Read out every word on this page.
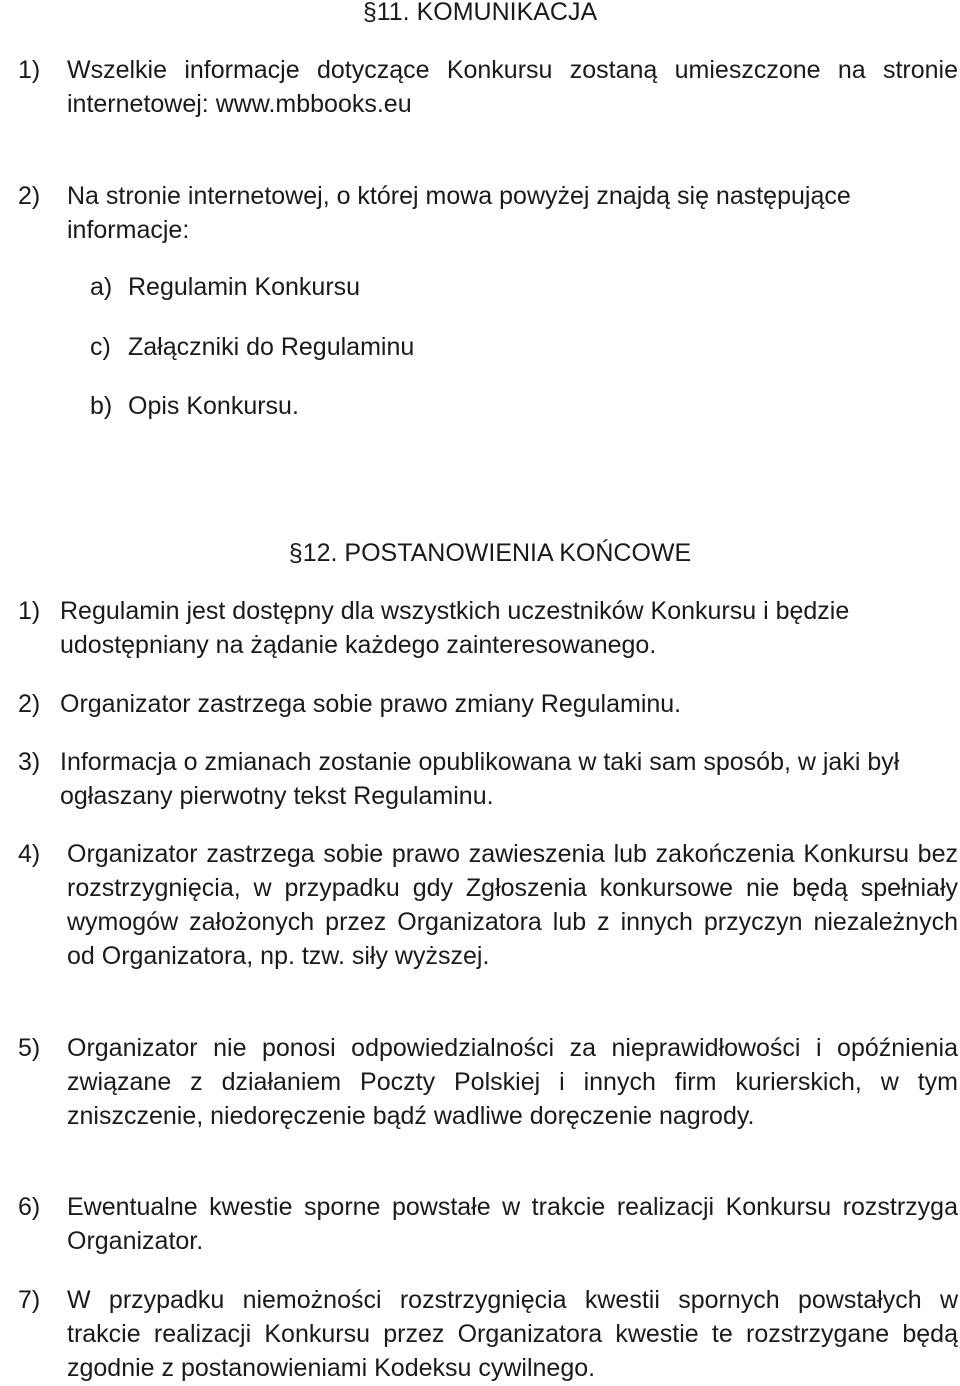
§11. KOMUNIKACJA
1) Wszelkie informacje dotyczące Konkursu zostaną umieszczone na stronie internetowej: www.mbbooks.eu
2) Na stronie internetowej, o której mowa powyżej znajdą się następujące informacje:
a) Regulamin Konkursu
c) Załączniki do Regulaminu
b) Opis Konkursu.
§12. POSTANOWIENIA KOŃCOWE
1) Regulamin jest dostępny dla wszystkich uczestników Konkursu i będzie udostępniany na żądanie każdego zainteresowanego.
2) Organizator zastrzega sobie prawo zmiany Regulaminu.
3) Informacja o zmianach zostanie opublikowana w taki sam sposób, w jaki był ogłaszany pierwotny tekst Regulaminu.
4) Organizator zastrzega sobie prawo zawieszenia lub zakończenia Konkursu bez rozstrzygnięcia, w przypadku gdy Zgłoszenia konkursowe nie będą spełniały wymogów założonych przez Organizatora lub z innych przyczyn niezależnych od Organizatora, np. tzw. siły wyższej.
5) Organizator nie ponosi odpowiedzialności za nieprawidłowości i opóźnienia związane z działaniem Poczty Polskiej i innych firm kurierskich, w tym zniszczenie, niedoręczenie bądź wadliwe doręczenie nagrody.
6) Ewentualne kwestie sporne powstałe w trakcie realizacji Konkursu rozstrzyga Organizator.
7) W przypadku niemożności rozstrzygnięcia kwestii spornych powstałych w trakcie realizacji Konkursu przez Organizatora kwestie te rozstrzygane będą zgodnie z postanowieniami Kodeksu cywilnego.
